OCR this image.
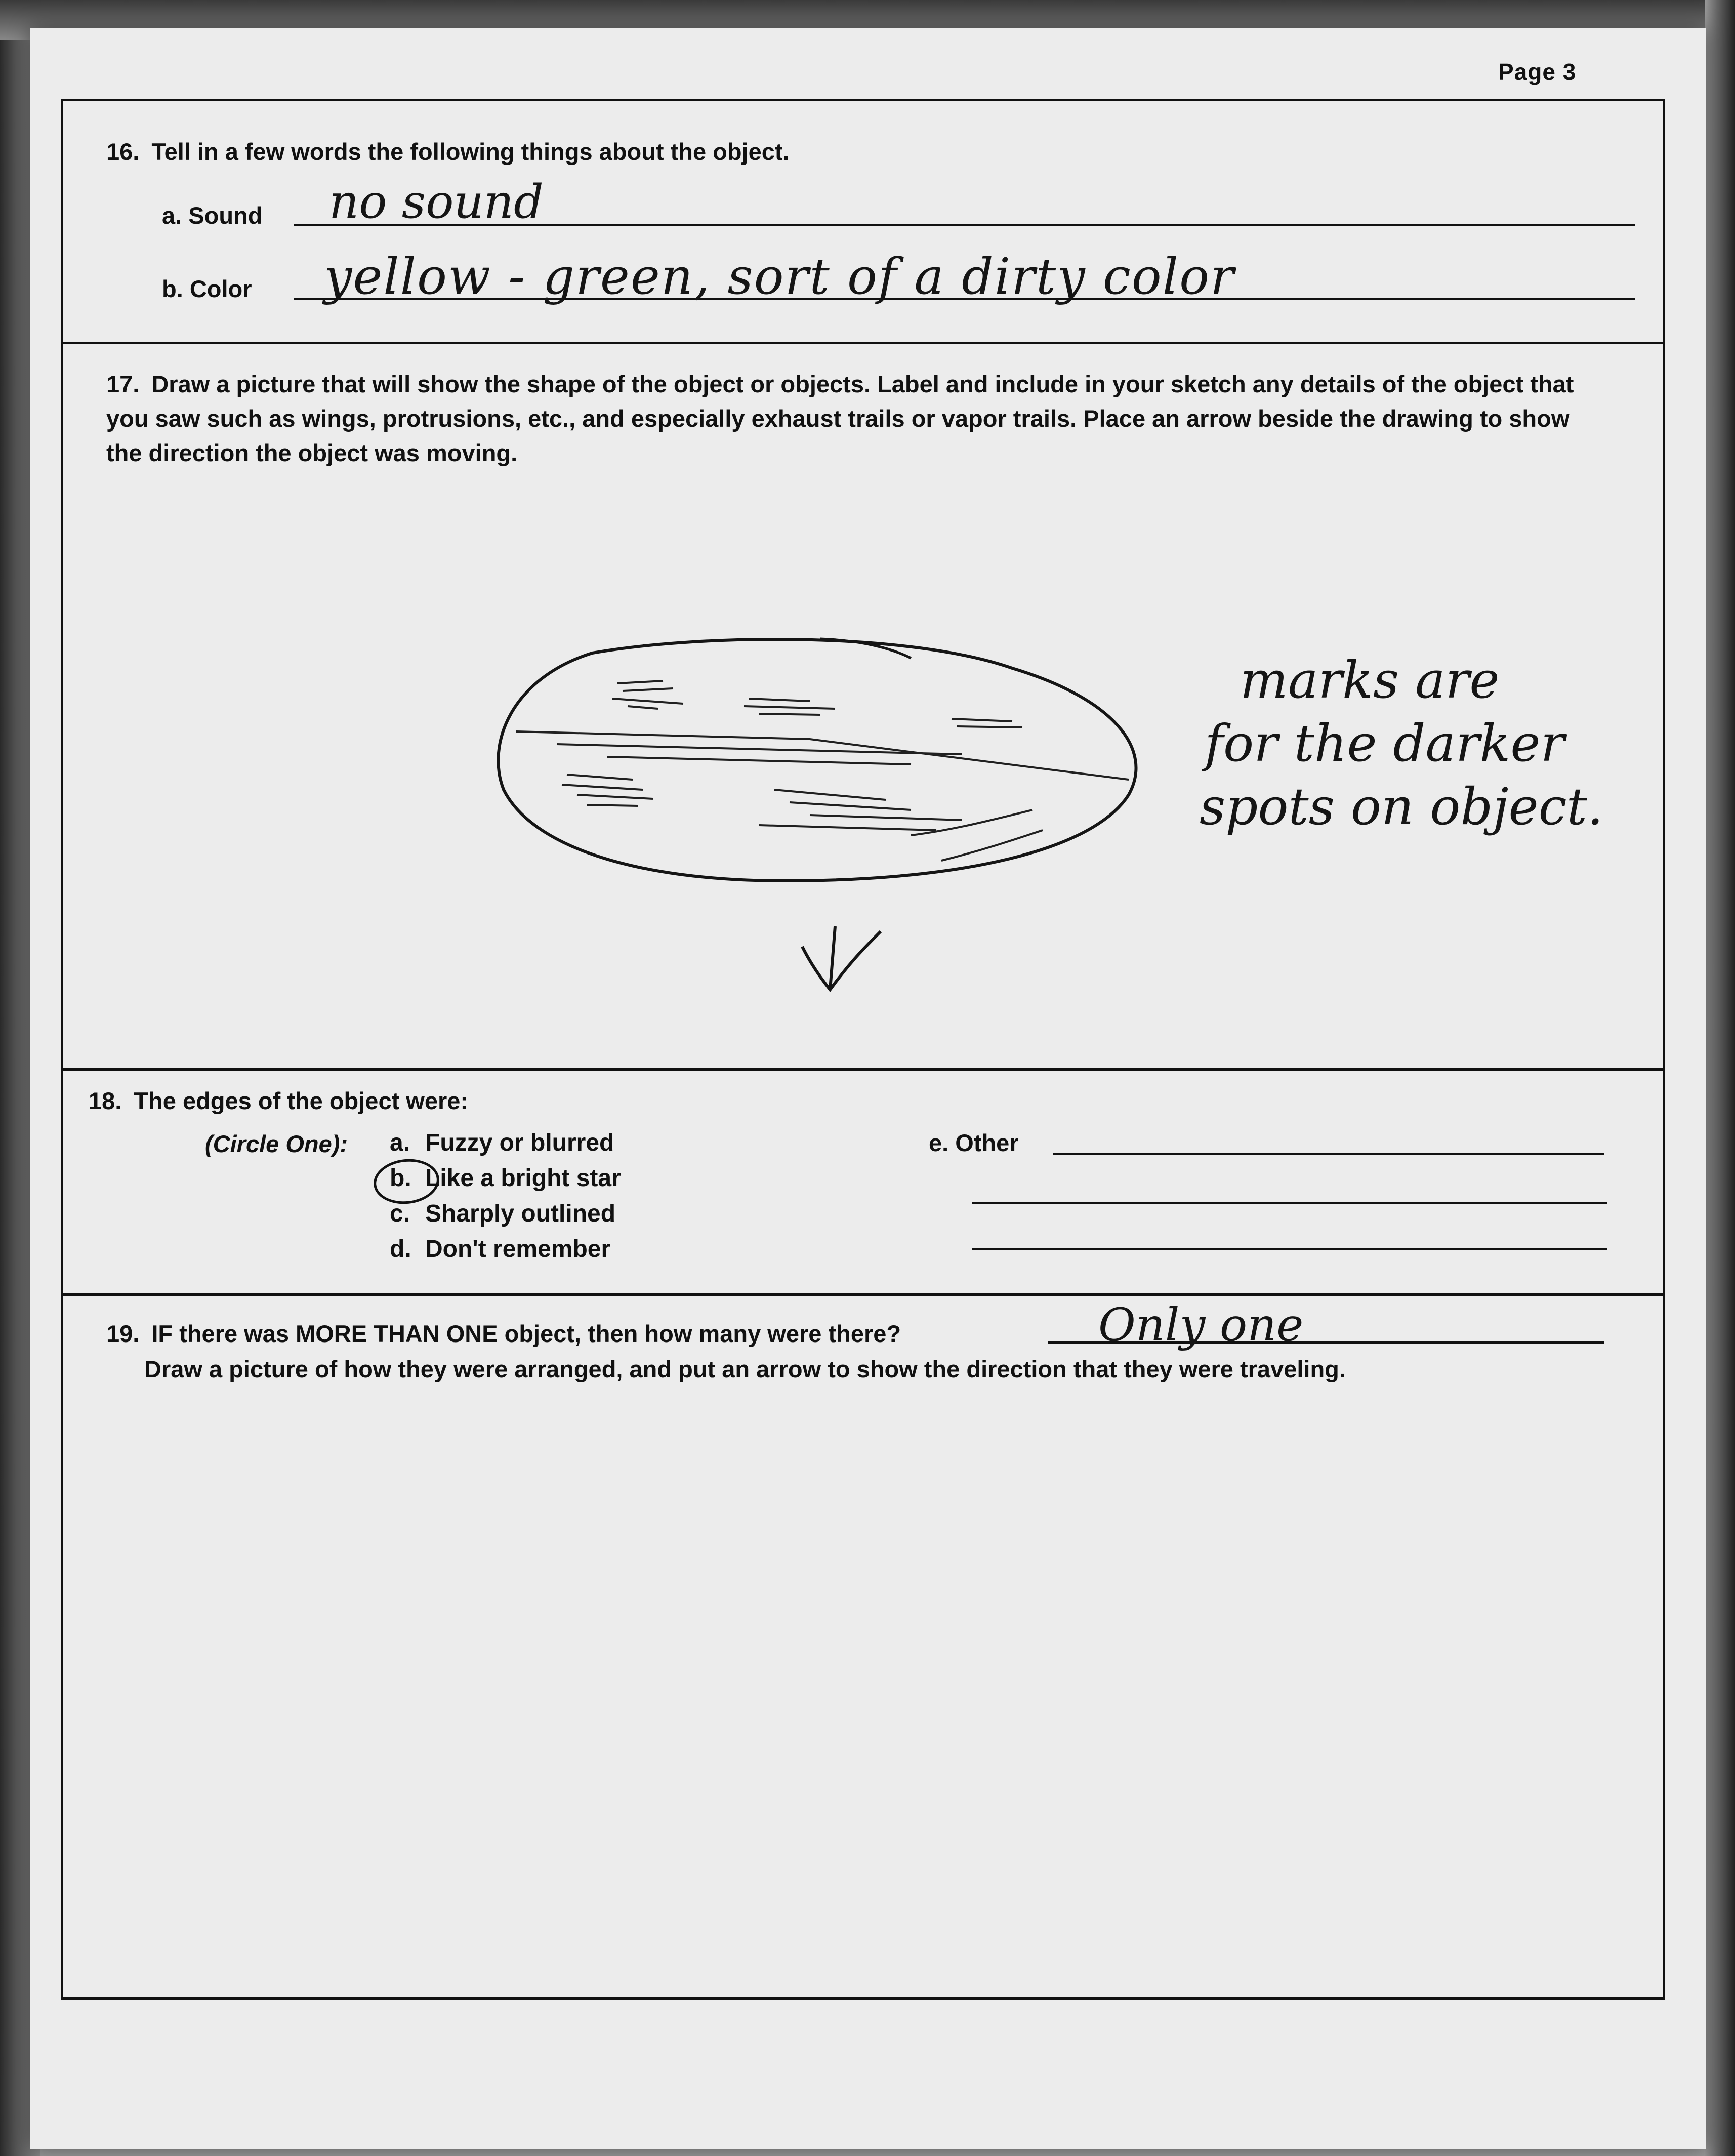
Page 3
16. Tell in a few words the following things about the object.
a. Sound no sound
b. Color yellow - green, sort of a dirty color
17. Draw a picture that will show the shape of the object or objects. Label and include in your sketch any details of the object that you saw such as wings, protrusions, etc., and especially exhaust trails or vapor trails. Place an arrow beside the drawing to show the direction the object was moving.
marks are
for the darker
spots on object.
18. The edges of the object were:
(Circle One): a. Fuzzy or blurred
b. Like a bright star
c. Sharply outlined
d. Don't remember
e. Other
19. IF there was MORE THAN ONE object, then how many were there?	Only one
Draw a picture of how they were arranged, and put an arrow to show the direction that they were traveling.
